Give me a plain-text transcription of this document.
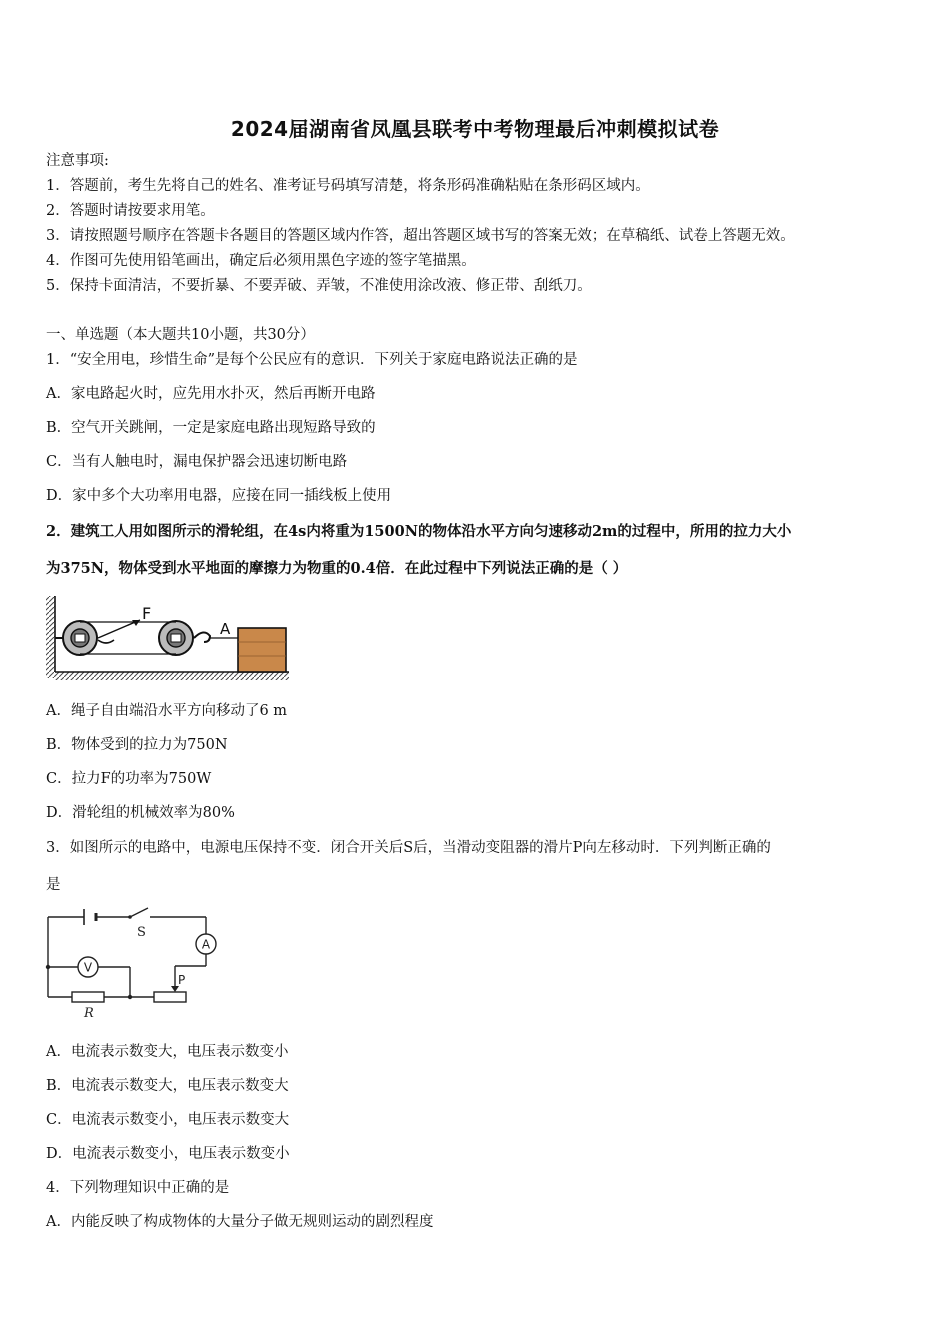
2024届湖南省凤凰县联考中考物理最后冲刺模拟试卷
注意事项:
1．答题前，考生先将自己的姓名、准考证号码填写清楚，将条形码准确粘贴在条形码区域内。
2．答题时请按要求用笔。
3．请按照题号顺序在答题卡各题目的答题区域内作答，超出答题区域书写的答案无效；在草稿纸、试卷上答题无效。
4．作图可先使用铅笔画出，确定后必须用黑色字迹的签字笔描黑。
5．保持卡面清洁，不要折暴、不要弄破、弄皱，不准使用涂改液、修正带、刮纸刀。
一、单选题（本大题共10小题，共30分）
1．“安全用电，珍惜生命”是每个公民应有的意识．下列关于家庭电路说法正确的是
A．家电路起火时，应先用水扑灭，然后再断开电路
B．空气开关跳闸，一定是家庭电路出现短路导致的
C．当有人触电时，漏电保护器会迅速切断电路
D．家中多个大功率用电器，应接在同一插线板上使用
2．建筑工人用如图所示的滑轮组，在4s内将重为1500N的物体沿水平方向匀速移动2m的过程中，所用的拉力大小
为375N，物体受到水平地面的摩擦力为物重的0.4倍．在此过程中下列说法正确的是（ ）
F
A
A．绳子自由端沿水平方向移动了6 m
B．物体受到的拉力为750N
C．拉力F的功率为750W
D．滑轮组的机械效率为80%
3．如图所示的电路中，电源电压保持不变．闭合开关后S后，当滑动变阻器的滑片P向左移动时．下列判断正确的
是
S
A
V
R
P
A．电流表示数变大，电压表示数变小
B．电流表示数变大，电压表示数变大
C．电流表示数变小，电压表示数变大
D．电流表示数变小，电压表示数变小
4．下列物理知识中正确的是
A．内能反映了构成物体的大量分子做无规则运动的剧烈程度
